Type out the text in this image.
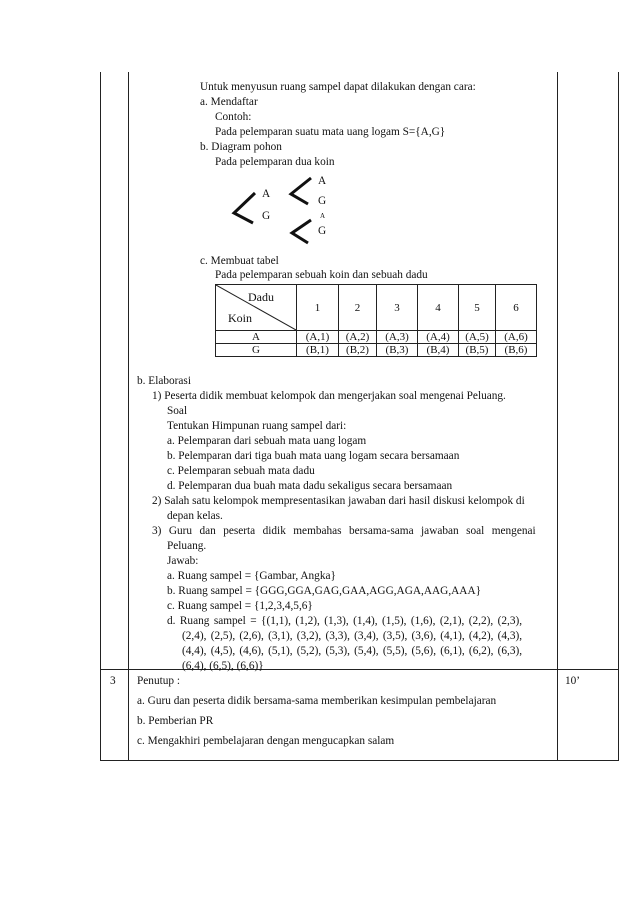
Untuk menyusun ruang sampel dapat dilakukan dengan cara:
a. Mendaftar
Contoh:
Pada pelemparan suatu mata uang logam S={A,G}
b. Diagram pohon
Pada pelemparan dua koin
A
G
A
G
A
G
c. Membuat tabel
Pada pelemparan sebuah koin dan sebuah dadu
Dadu
Koin	1	2	3	4	5	6
A	(A,1)	(A,2)	(A,3)	(A,4)	(A,5)	(A,6)
G	(B,1)	(B,2)	(B,3)	(B,4)	(B,5)	(B,6)
b. Elaborasi
1) Peserta didik membuat kelompok dan mengerjakan soal mengenai Peluang.
Soal
Tentukan Himpunan ruang sampel dari:
a. Pelemparan dari sebuah mata uang logam
b. Pelemparan dari tiga buah mata uang logam secara bersamaan
c. Pelemparan sebuah mata dadu
d. Pelemparan dua buah mata dadu sekaligus secara bersamaan
2) Salah satu kelompok mempresentasikan jawaban dari hasil diskusi kelompok di
depan kelas.
3) Guru dan peserta didik membahas bersama-sama jawaban soal mengenai
Peluang.
Jawab:
a. Ruang sampel = {Gambar, Angka}
b. Ruang sampel = {GGG,GGA,GAG,GAA,AGG,AGA,AAG,AAA}
c. Ruang sampel = {1,2,3,4,5,6}
d. Ruang sampel = {(1,1), (1,2), (1,3), (1,4), (1,5), (1,6), (2,1), (2,2), (2,3),
(2,4), (2,5), (2,6), (3,1), (3,2), (3,3), (3,4), (3,5), (3,6), (4,1), (4,2), (4,3),
(4,4), (4,5), (4,6), (5,1), (5,2), (5,3), (5,4), (5,5), (5,6), (6,1), (6,2), (6,3),
(6,4), (6,5), (6,6)}
3 Penutup :
a. Guru dan peserta didik bersama-sama memberikan kesimpulan pembelajaran
b. Pemberian PR
c. Mengakhiri pembelajaran dengan mengucapkan salam
10’
